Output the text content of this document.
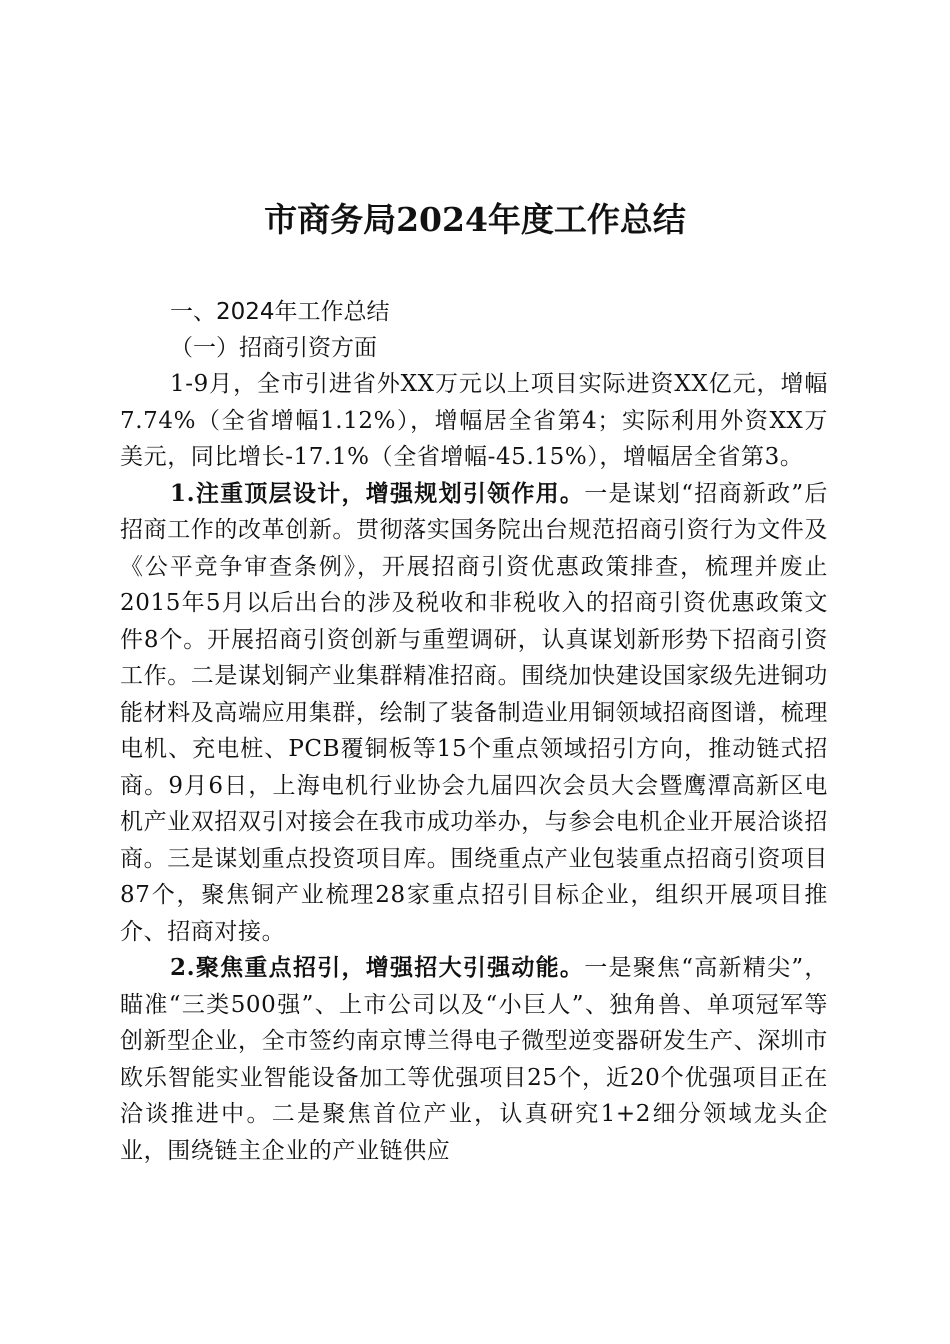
市商务局2024年度工作总结

一、2024年工作总结

（一）招商引资方面

1-9月，全市引进省外XX万元以上项目实际进资XX亿元，增幅7.74%（全省增幅1.12%），增幅居全省第4；实际利用外资XX万美元，同比增长-17.1%（全省增幅-45.15%），增幅居全省第3。

1.注重顶层设计，增强规划引领作用。一是谋划“招商新政”后招商工作的改革创新。贯彻落实国务院出台规范招商引资行为文件及《公平竞争审查条例》，开展招商引资优惠政策排查，梳理并废止2015年5月以后出台的涉及税收和非税收入的招商引资优惠政策文件8个。开展招商引资创新与重塑调研，认真谋划新形势下招商引资工作。二是谋划铜产业集群精准招商。围绕加快建设国家级先进铜功能材料及高端应用集群，绘制了装备制造业用铜领域招商图谱，梳理电机、充电桩、PCB覆铜板等15个重点领域招引方向，推动链式招商。9月6日，上海电机行业协会九届四次会员大会暨鹰潭高新区电机产业双招双引对接会在我市成功举办，与参会电机企业开展洽谈招商。三是谋划重点投资项目库。围绕重点产业包装重点招商引资项目87个，聚焦铜产业梳理28家重点招引目标企业，组织开展项目推介、招商对接。

2.聚焦重点招引，增强招大引强动能。一是聚焦“高新精尖”，瞄准“三类500强”、上市公司以及“小巨人”、独角兽、单项冠军等创新型企业，全市签约南京博兰得电子微型逆变器研发生产、深圳市欧乐智能实业智能设备加工等优强项目25个，近20个优强项目正在洽谈推进中。二是聚焦首位产业，认真研究1+2细分领域龙头企业，围绕链主企业的产业链供应
